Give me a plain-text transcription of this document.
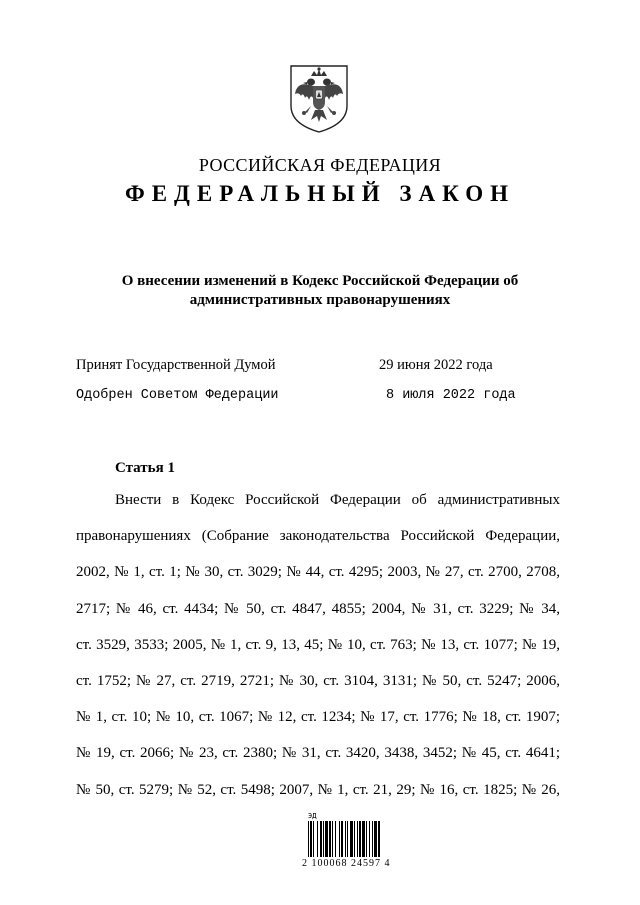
РОССИЙСКАЯ ФЕДЕРАЦИЯ
ФЕДЕРАЛЬНЫЙ ЗАКОН
О внесении изменений в Кодекс Российской Федерации об
административных правонарушениях
Принят Государственной Думой	29 июня 2022 года
Одобрен Советом Федерации	8 июля 2022 года
Статья 1
Внести в Кодекс Российской Федерации об административных
правонарушениях (Собрание законодательства Российской Федерации,
2002, № 1, ст. 1; № 30, ст. 3029; № 44, ст. 4295; 2003, № 27, ст. 2700, 2708,
2717; № 46, ст. 4434; № 50, ст. 4847, 4855; 2004, № 31, ст. 3229; № 34,
ст. 3529, 3533; 2005, № 1, ст. 9, 13, 45; № 10, ст. 763; № 13, ст. 1077; № 19,
ст. 1752; № 27, ст. 2719, 2721; № 30, ст. 3104, 3131; № 50, ст. 5247; 2006,
№ 1, ст. 10; № 10, ст. 1067; № 12, ст. 1234; № 17, ст. 1776; № 18, ст. 1907;
№ 19, ст. 2066; № 23, ст. 2380; № 31, ст. 3420, 3438, 3452; № 45, ст. 4641;
№ 50, ст. 5279; № 52, ст. 5498; 2007, № 1, ст. 21, 29; № 16, ст. 1825; № 26,
ЭД
2 100068 24597 4
